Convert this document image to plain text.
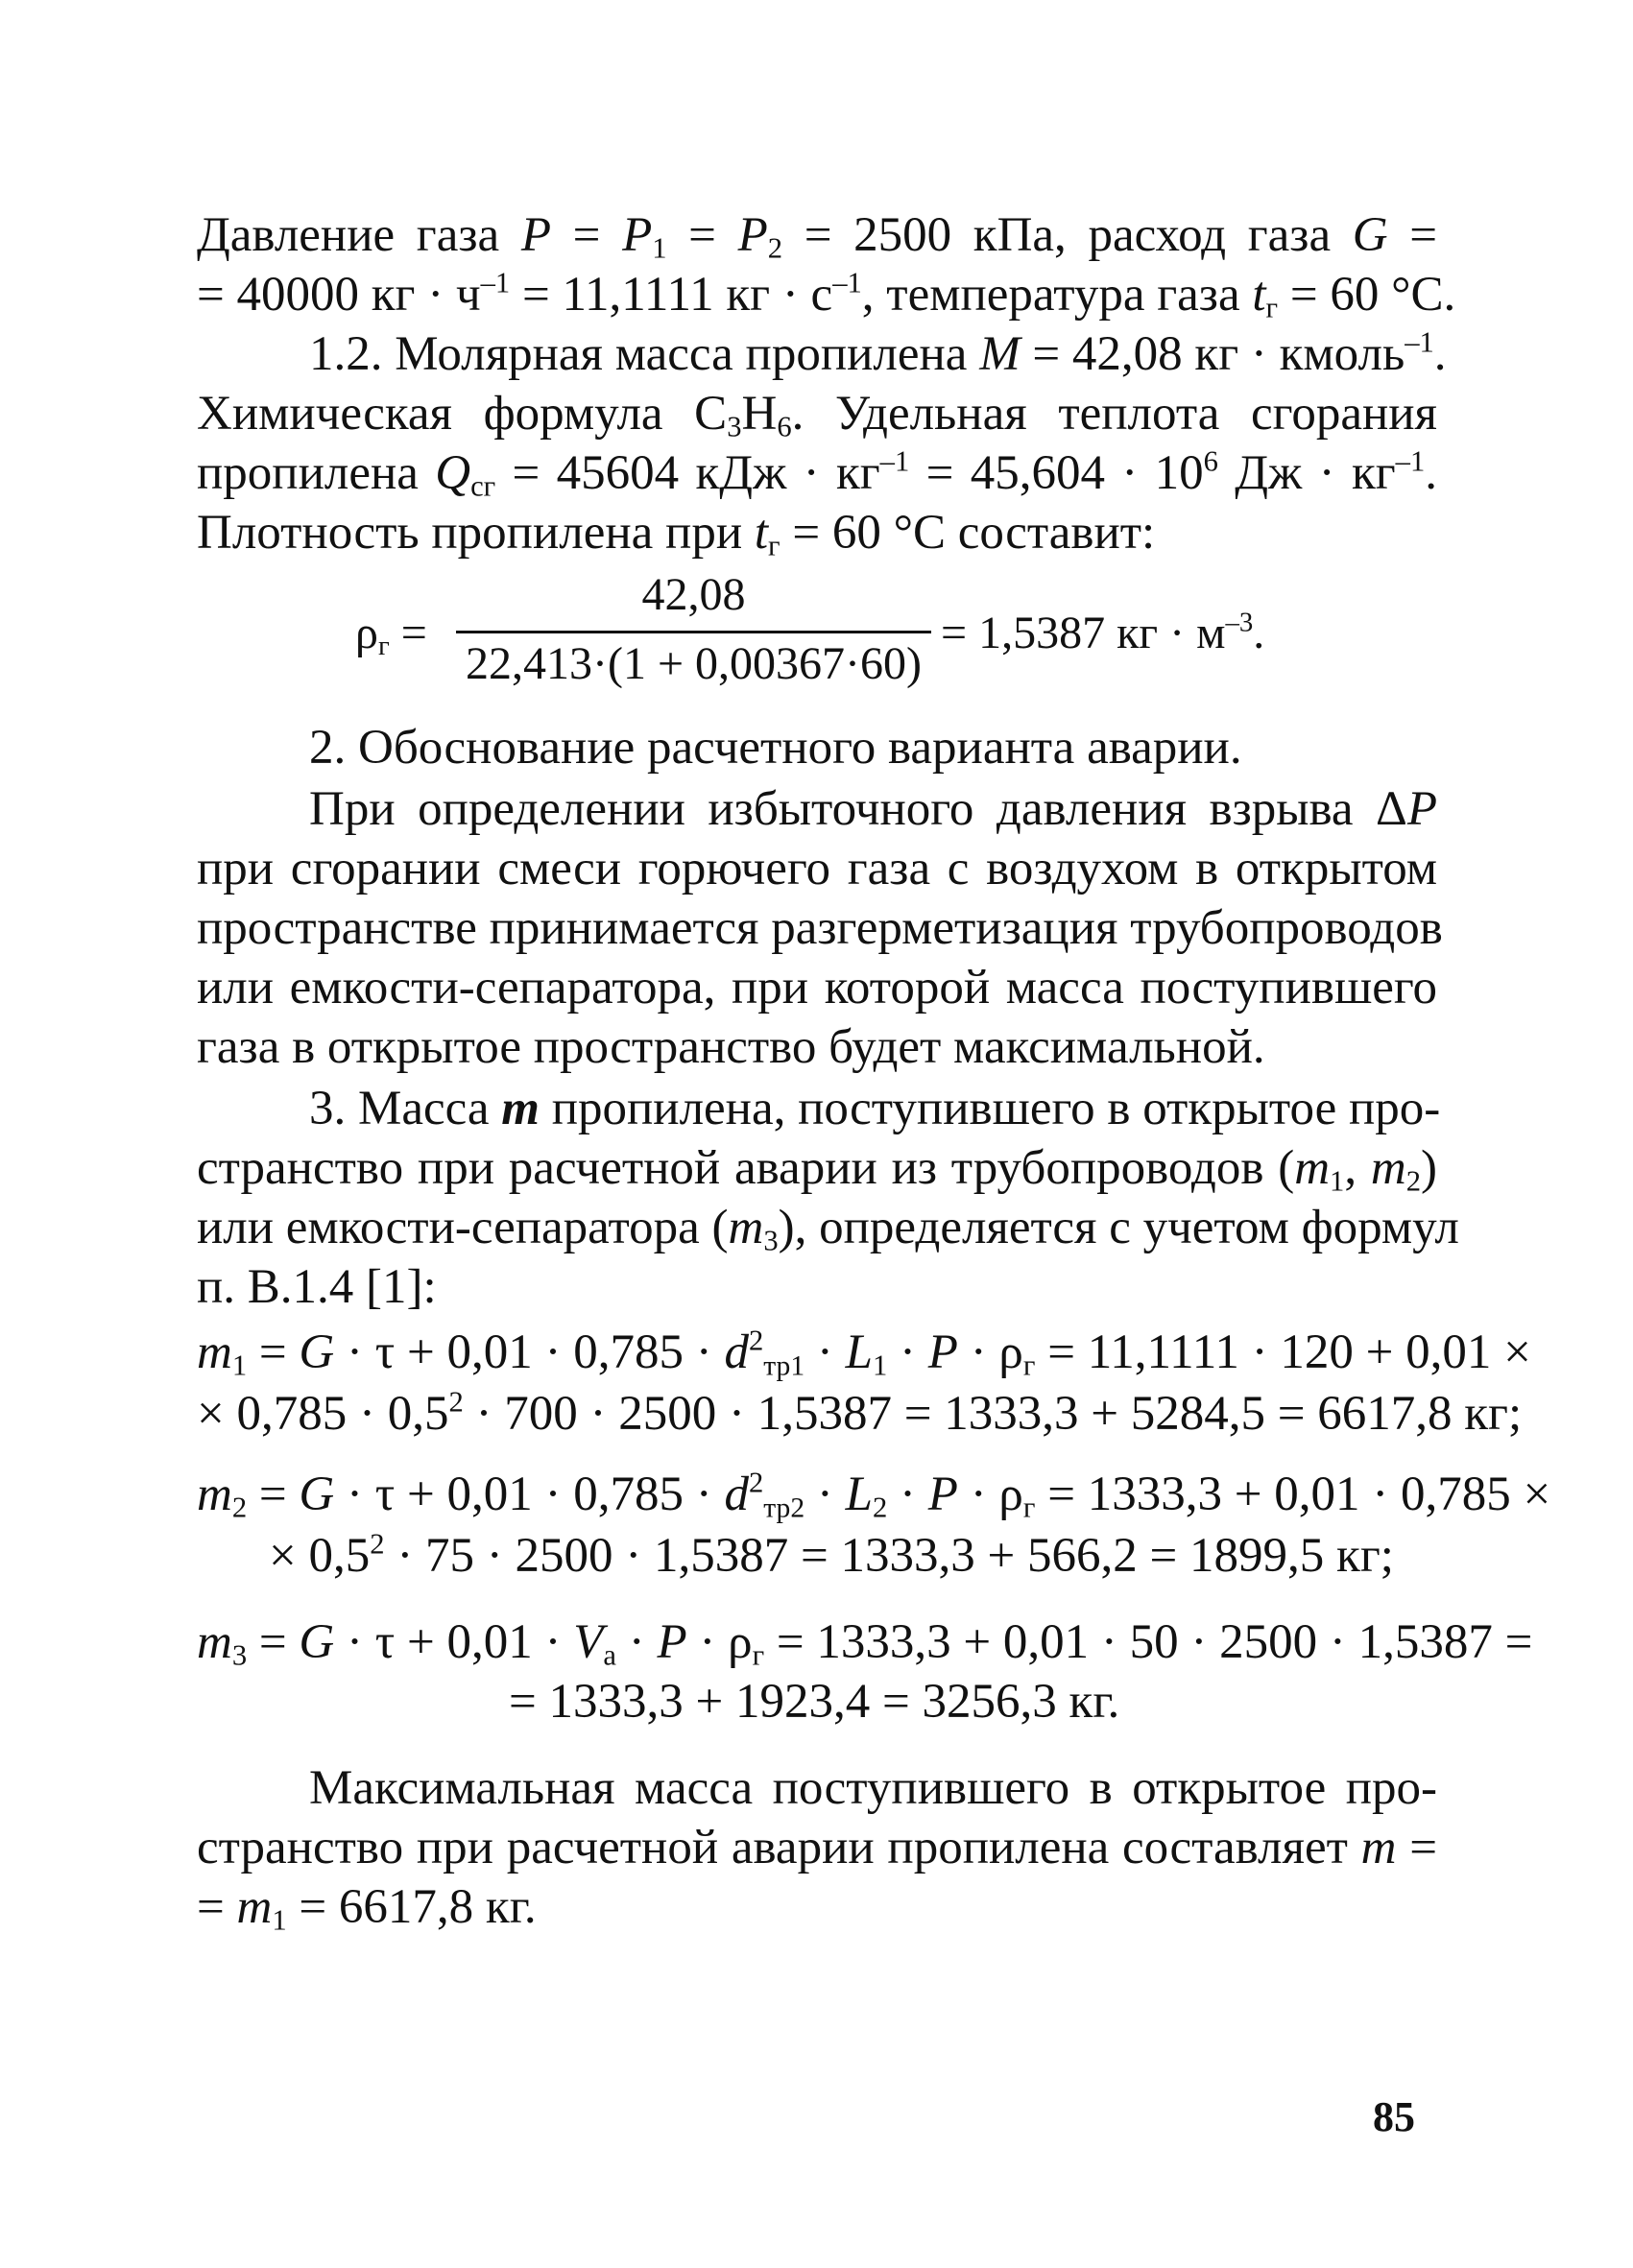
Давление газа $P = P_1 = P_2 = 2500$ кПа, расход газа G =
= 40000 кг · $ч^{-1} = 11,1111$ кг · $с^{-1}$, температура газа $t_г = 60$ °С.
1.2. Молярная масса пропилена M = 42,08 кг · кмоль$^{-1}$.
Химическая формула $С_3Н_6$. Удельная теплота сгорания
пропилена $Q_{сг} = 45604$ кДж · $кг^{-1} = 45,604 \cdot 10^6$ Дж · $кг^{-1}$.
Плотность пропилена при $t_г = 60$ °С составит:
$\rho_г$ =
42,08
22,413·(1 + 0,00367·60)
= 1,5387 кг · $м^{-3}$.
2. Обоснование расчетного варианта аварии.
При определении избыточного давления взрыва ΔP
при сгорании смеси горючего газа с воздухом в открытом
пространстве принимается разгерметизация трубопроводов
или емкости-сепаратора, при которой масса поступившего
газа в открытое пространство будет максимальной.
3. Масса m пропилена, поступившего в открытое про-
странство при расчетной аварии из трубопроводов ($m_1$, $m_2$)
или емкости-сепаратора $(m_3)$, определяется с учетом формул
п. В.1.4 [1]:
$m_1 = G \cdot \tau + 0,01 \cdot 0,785 \cdot d^2_{тр1} \cdot L_1 \cdot P \cdot \rho_г = 11,1111 \cdot 120 + 0,01$ ×
× $0,785 \cdot 0,5^2 \cdot 700 \cdot 2500 \cdot 1,5387 = 1333,3 + 5284,5 = 6617,8$ кг;
$m_2 = G \cdot \tau + 0,01 \cdot 0,785 \cdot d^2_{тр2} \cdot L_2 \cdot P \cdot \rho_г = 1333,3 + 0,01 \cdot 0,785$ ×
× $0,5^2 \cdot 75 \cdot 2500 \cdot 1,5387 = 1333,3 + 566,2 = 1899,5$ кг;
$m_3 = G \cdot \tau + 0,01 \cdot V_а \cdot P \cdot \rho_г = 1333,3 + 0,01 \cdot 50 \cdot 2500 \cdot 1,5387$ =
= 1333,3 + 1923,4 = 3256,3 кг.
Максимальная масса поступившего в открытое про-
странство при расчетной аварии пропилена составляет m =
= $m_1 = 6617,8$ кг.
85
